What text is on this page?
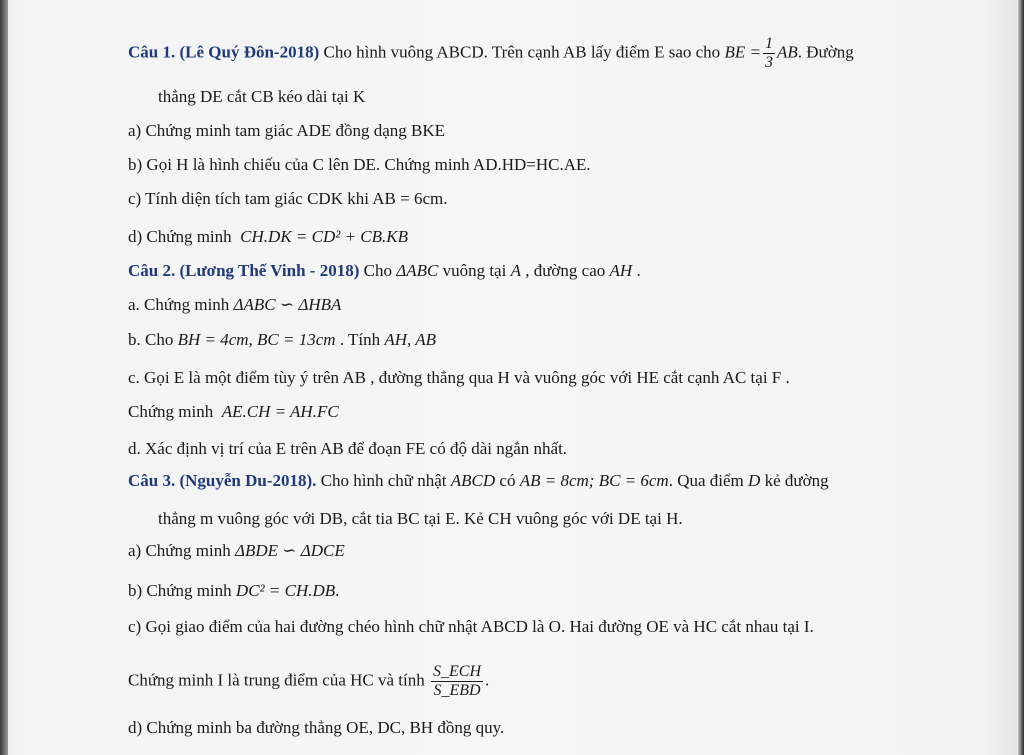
Câu 1. (Lê Quý Đôn-2018) Cho hình vuông ABCD. Trên cạnh AB lấy điểm E sao cho BE = $\frac{1}{3}$ AB. Đường
thẳng DE cắt CB kéo dài tại K
a) Chứng minh tam giác ADE đồng dạng BKE
b) Gọi H là hình chiếu của C lên DE. Chứng minh AD.HD=HC.AE.
c) Tính diện tích tam giác CDK khi AB = 6cm.
d) Chứng minh CH.DK = CD² + CB.KB
Câu 2. (Lương Thế Vinh - 2018) Cho ΔABC vuông tại A , đường cao AH .
a. Chứng minh ΔABC ∽ ΔHBA
b. Cho BH = 4cm, BC = 13cm . Tính AH, AB
c. Gọi E là một điểm tùy ý trên AB , đường thẳng qua H và vuông góc với HE cắt cạnh AC tại F .
Chứng minh AE.CH = AH.FC
d. Xác định vị trí của E trên AB để đoạn FE có độ dài ngắn nhất.
Câu 3. (Nguyễn Du-2018). Cho hình chữ nhật ABCD có AB = 8cm; BC = 6cm. Qua điểm D kẻ đường
thẳng m vuông góc với DB, cắt tia BC tại E. Kẻ CH vuông góc với DE tại H.
a) Chứng minh ΔBDE ∽ ΔDCE
b) Chứng minh DC² = CH.DB.
c) Gọi giao điểm của hai đường chéo hình chữ nhật ABCD là O. Hai đường OE và HC cắt nhau tại I.
Chứng minh I là trung điểm của HC và tính $\frac{\text{S\_ECH}}{\text{S\_EBD}}$ .
d) Chứng minh ba đường thẳng OE, DC, BH đồng quy.
